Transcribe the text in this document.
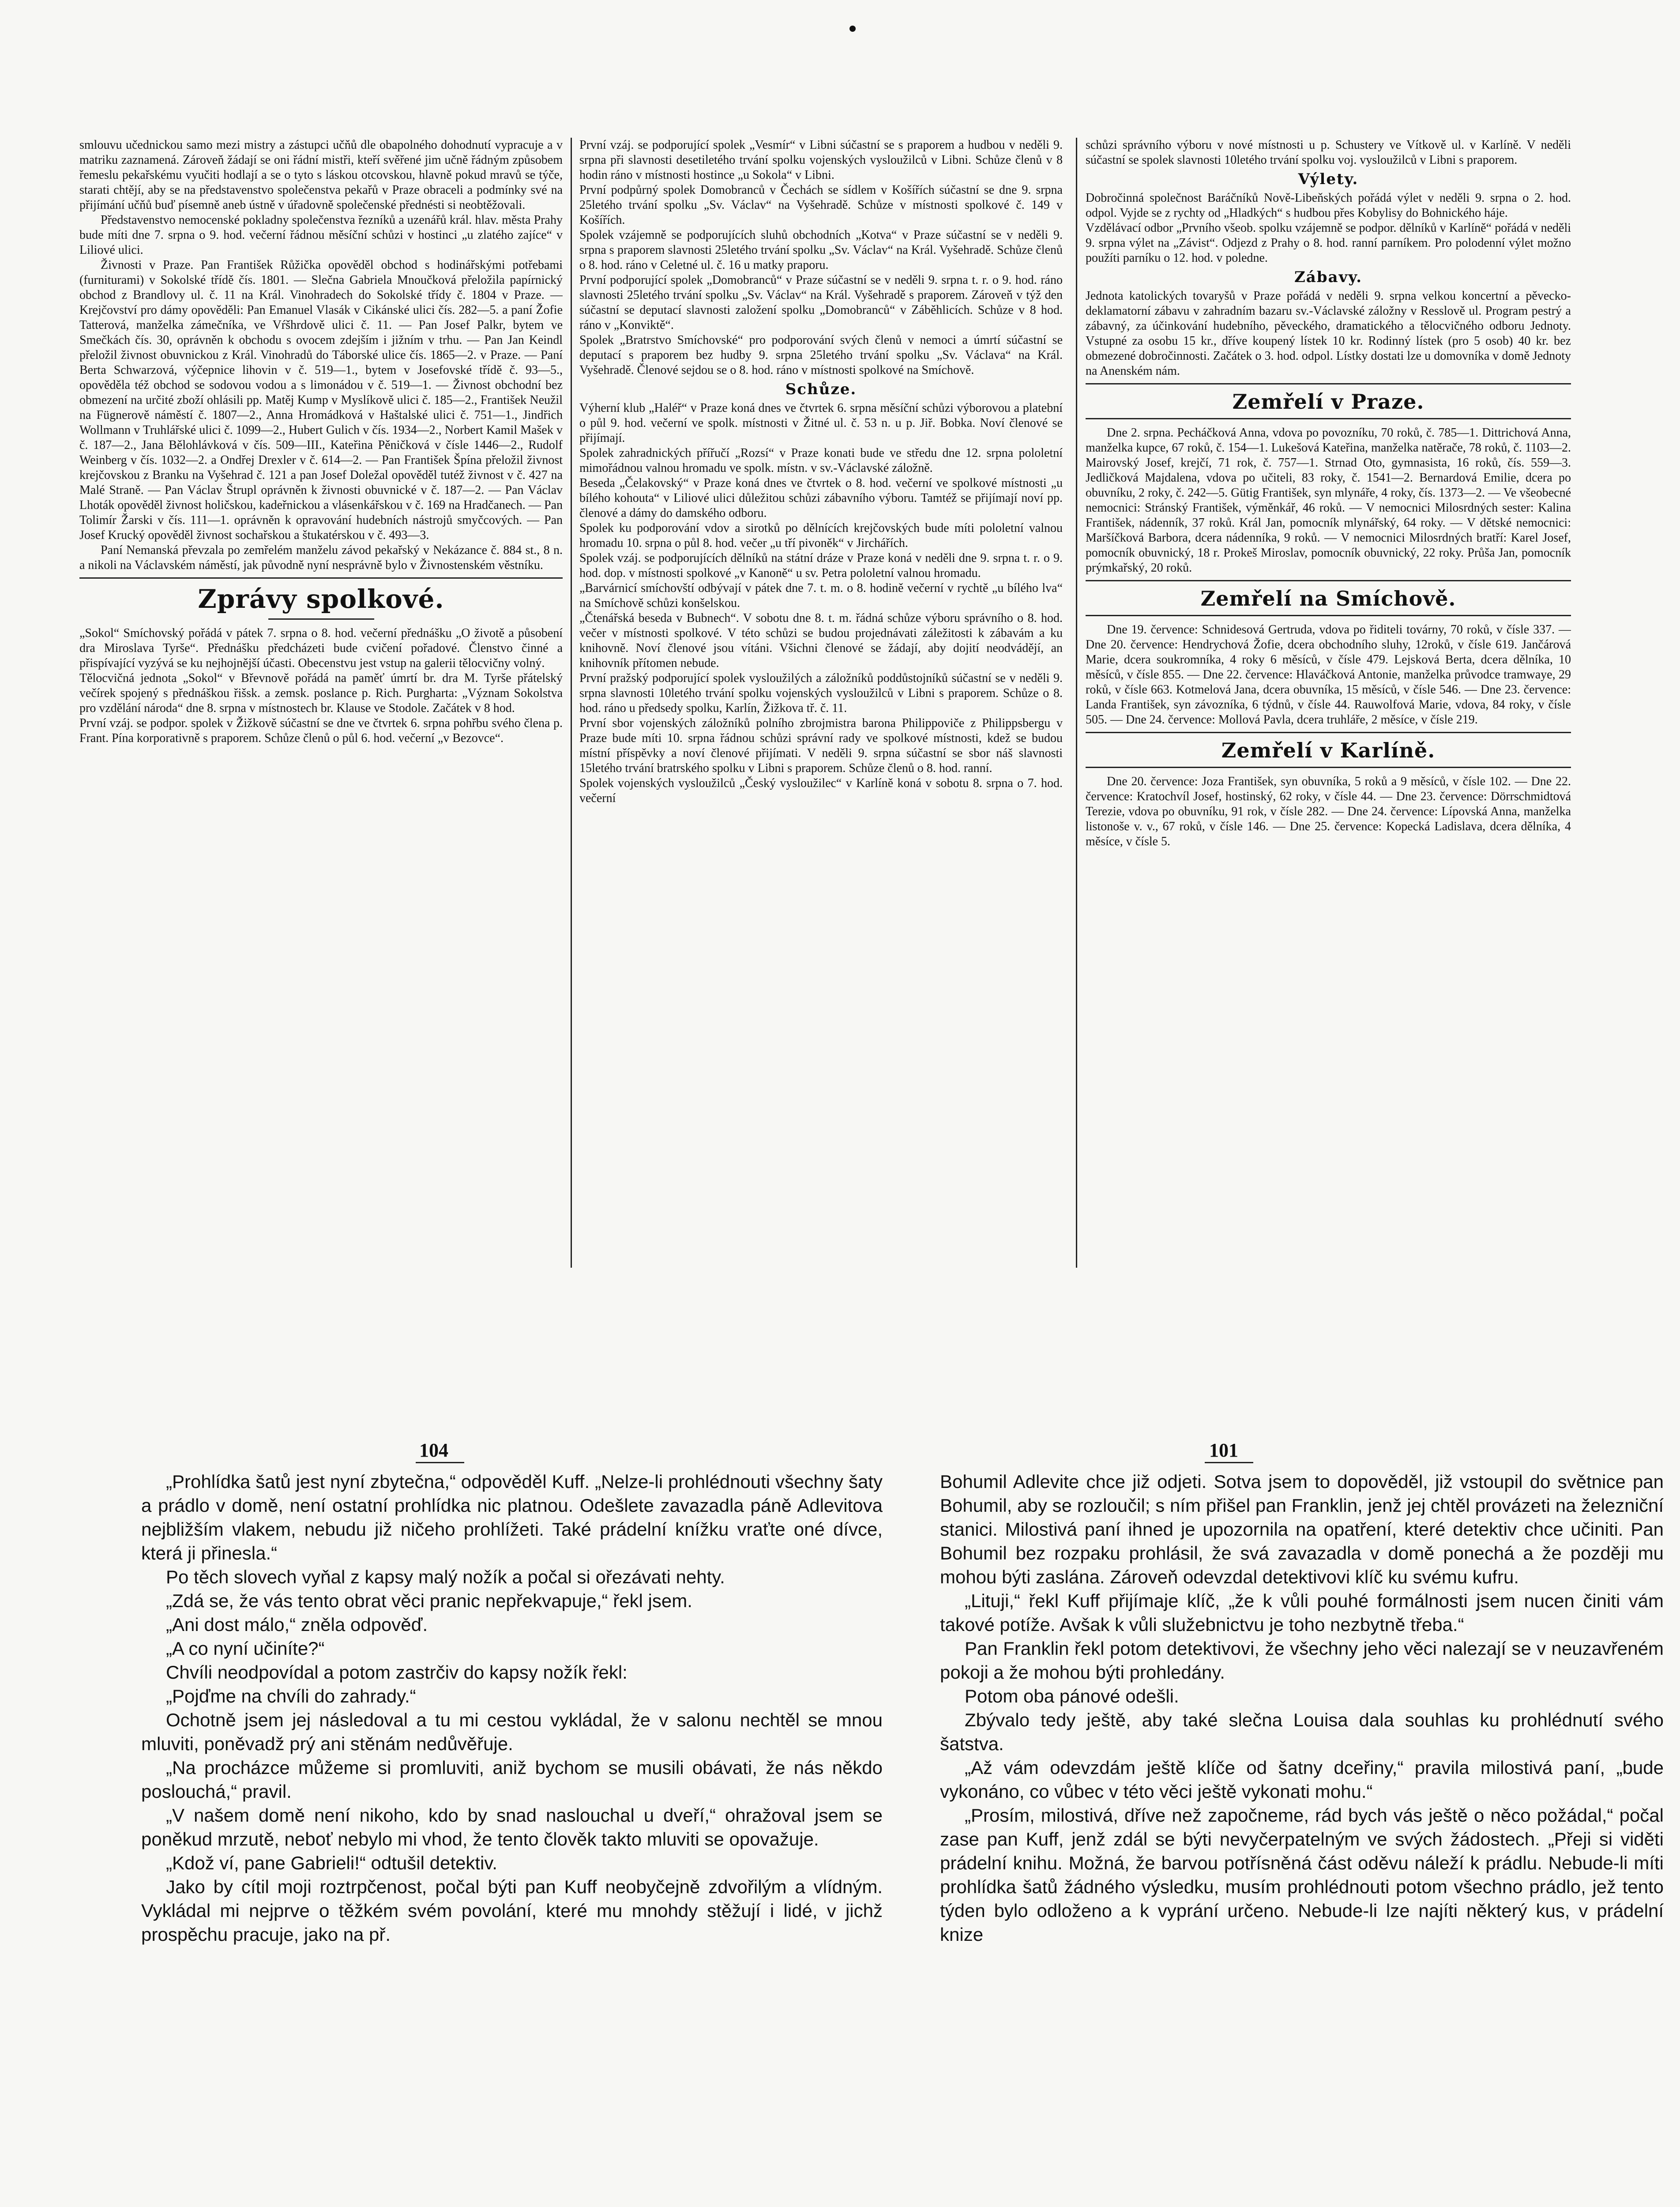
smlouvu učednickou samo mezi mistry a zástupci učňů dle obapolného dohodnutí vypracuje a v matriku zaznamená. Zároveň žádají se oni řádní mistři, kteří svěřené jim učně řádným způsobem řemeslu pekařskému vyučiti hodlají a se o tyto s láskou otcovskou, hlavně pokud mravů se týče, starati chtějí, aby se na představenstvo společenstva pekařů v Praze obraceli a podmínky své na přijímání učňů buď písemně aneb ústně v úřadovně společenské přednésti si neobtěžovali.

Představenstvo nemocenské pokladny společenstva řezníků a uzenářů král. hlav. města Prahy bude míti dne 7. srpna o 9. hod. večerní řádnou měsíční schůzi v hostinci „u zlatého zajíce“ v Liliové ulici.

Živnosti v Praze. Pan František Růžička opověděl obchod s hodinářskými potřebami (furniturami) v Sokolské třídě čís. 1801. — Slečna Gabriela Mnoučková přeložila papírnický obchod z Brandlovy ul. č. 11 na Král. Vinohradech do Sokolské třídy č. 1804 v Praze. — Krejčovství pro dámy opověděli: Pan Emanuel Vlasák v Cikánské ulici čís. 282—5. a paní Žofie Tatterová, manželka zámečníka, ve Vŕšhrdově ulici č. 11. — Pan Josef Palkr, bytem ve Smečkách čís. 30, oprávněn k obchodu s ovocem zdejším i jižním v trhu. — Pan Jan Keindl přeložil živnost obuvnickou z Král. Vinohradů do Táborské ulice čís. 1865—2. v Praze. — Paní Berta Schwarzová, výčepnice lihovin v č. 519—1., bytem v Josefovské třídě č. 93—5., opověděla též obchod se sodovou vodou a s limonádou v č. 519—1. — Živnost obchodní bez obmezení na určité zboží ohlásili pp. Matěj Kump v Myslíkově ulici č. 185—2., František Neužil na Fügnerově náměstí č. 1807—2., Anna Hromádková v Haštalské ulici č. 751—1., Jindřich Wollmann v Truhlářské ulici č. 1099—2., Hubert Gulich v čís. 1934—2., Norbert Kamil Mašek v č. 187—2., Jana Bělohlávková v čís. 509—III., Kateřina Pěničková v čísle 1446—2., Rudolf Weinberg v čís. 1032—2. a Ondřej Drexler v č. 614—2. — Pan František Špína přeložil živnost krejčovskou z Branku na Vyšehrad č. 121 a pan Josef Doležal opověděl tutéž živnost v č. 427 na Malé Straně. — Pan Václav Štrupl oprávněn k živnosti obuvnické v č. 187—2. — Pan Václav Lhoták opověděl živnost holičskou, kadeřnickou a vlásenkářskou v č. 169 na Hradčanech. — Pan Tolimír Žarski v čís. 111—1. oprávněn k opravování hudebních nástrojů smyčcových. — Pan Josef Krucký opověděl živnost sochařskou a štukatérskou v č. 493—3.

Paní Nemanská převzala po zemřelém manželu závod pekařský v Nekázance č. 884 st., 8 n. a nikoli na Václavském náměstí, jak původně nyní nesprávně bylo v Živnostenském věstníku.

Zprávy spolkové.

„Sokol“ Smíchovský pořádá v pátek 7. srpna o 8. hod. večerní přednášku „O životě a působení dra Miroslava Tyrše“. Přednášku předcházeti bude cvičení pořadové. Členstvo činné a přispívající vyzývá se ku nejhojnější účasti. Obecenstvu jest vstup na galerii tělocvičny volný.

Tělocvičná jednota „Sokol“ v Břevnově pořádá na paměť úmrtí br. dra M. Tyrše přátelský večírek spojený s přednáškou řišsk. a zemsk. poslance p. Rich. Purgharta: „Význam Sokolstva pro vzdělání národa“ dne 8. srpna v místnostech br. Klause ve Stodole. Začátek v 8 hod.

První vzáj. se podpor. spolek v Žižkově súčastní se dne ve čtvrtek 6. srpna pohřbu svého člena p. Frant. Pína korporativně s praporem. Schůze členů o půl 6. hod. večerní „v Bezovce“.

První vzáj. se podporující spolek „Vesmír“ v Libni súčastní se s praporem a hudbou v neděli 9. srpna při slavnosti desetiletého trvání spolku vojenských vysloužilců v Libni. Schůze členů v 8 hodin ráno v místnosti hostince „u Sokola“ v Libni.

První podpůrný spolek Domobranců v Čechách se sídlem v Košířích súčastní se dne 9. srpna 25letého trvání spolku „Sv. Václav“ na Vyšehradě. Schůze v místnosti spolkové č. 149 v Košířích.

Spolek vzájemně se podporujících sluhů obchodních „Kotva“ v Praze súčastní se v neděli 9. srpna s praporem slavnosti 25letého trvání spolku „Sv. Václav“ na Král. Vyšehradě. Schůze členů o 8. hod. ráno v Celetné ul. č. 16 u matky praporu.

První podporující spolek „Domobranců“ v Praze súčastní se v neděli 9. srpna t. r. o 9. hod. ráno slavnosti 25letého trvání spolku „Sv. Václav“ na Král. Vyšehradě s praporem. Zároveň v týž den súčastní se deputací slavnosti založení spolku „Domobranců“ v Záběhlicích. Schůze v 8 hod. ráno v „Konviktě“.

Spolek „Bratrstvo Smíchovské“ pro podporování svých členů v nemoci a úmrtí súčastní se deputací s praporem bez hudby 9. srpna 25letého trvání spolku „Sv. Václava“ na Král. Vyšehradě. Členové sejdou se o 8. hod. ráno v místnosti spolkové na Smíchově.

Schůze.

Výherní klub „Haléř“ v Praze koná dnes ve čtvrtek 6. srpna měsíční schůzi výborovou a platební o půl 9. hod. večerní ve spolk. místnosti v Žitné ul. č. 53 n. u p. Jiř. Bobka. Noví členové se přijímají.

Spolek zahradnických přířučí „Rozsí“ v Praze konati bude ve středu dne 12. srpna pololetní mimořádnou valnou hromadu ve spolk. místn. v sv.-Václavské záložně.

Beseda „Čelakovský“ v Praze koná dnes ve čtvrtek o 8. hod. večerní ve spolkové místnosti „u bílého kohouta“ v Liliové ulici důležitou schůzi zábavního výboru. Tamtéž se přijímají noví pp. členové a dámy do damského odboru.

Spolek ku podporování vdov a sirotků po dělnících krejčovských bude míti pololetní valnou hromadu 10. srpna o půl 8. hod. večer „u tří pivoněk“ v Jirchářích.

Spolek vzáj. se podporujících dělníků na státní dráze v Praze koná v neděli dne 9. srpna t. r. o 9. hod. dop. v místnosti spolkové „v Kanoně“ u sv. Petra pololetní valnou hromadu.

„Barvárnicí smíchovští odbývají v pátek dne 7. t. m. o 8. hodině večerní v rychtě „u bílého lva“ na Smíchově schůzi konšelskou.

„Čtenářská beseda v Bubnech“. V sobotu dne 8. t. m. řádná schůze výboru správního o 8. hod. večer v místnosti spolkové. V této schůzi se budou projednávati záležitosti k zábavám a ku knihovně. Noví členové jsou vítáni. Všichni členové se žádají, aby dojití neodvádějí, an knihovník přítomen nebude.

První pražský podporující spolek vysloužilých a záložníků poddůstojníků súčastní se v neděli 9. srpna slavnosti 10letého trvání spolku vojenských vysloužilců v Libni s praporem. Schůze o 8. hod. ráno u předsedy spolku, Karlín, Žižkova tř. č. 11.

První sbor vojenských záložníků polního zbrojmistra barona Philippoviče z Philippsbergu v Praze bude míti 10. srpna řádnou schůzi správní rady ve spolkové místnosti, kdež se budou místní příspěvky a noví členové přijímati. V neděli 9. srpna súčastní se sbor náš slavnosti 15letého trvání bratrského spolku v Libni s praporem. Schůze členů o 8. hod. ranní.

Spolek vojenských vysloužilců „Český vysloužilec“ v Karlíně koná v sobotu 8. srpna o 7. hod. večerní

schůzi správního výboru v nové místnosti u p. Schustery ve Vítkově ul. v Karlíně. V neděli súčastní se spolek slavnosti 10letého trvání spolku voj. vysloužilců v Libni s praporem.

Výlety.

Dobročinná společnost Baráčníků Nově-Libeňských pořádá výlet v neděli 9. srpna o 2. hod. odpol. Vyjde se z rychty od „Hladkých“ s hudbou přes Kobylisy do Bohnického háje.

Vzdělávací odbor „Prvního všeob. spolku vzájemně se podpor. dělníků v Karlíně“ pořádá v neděli 9. srpna výlet na „Závist“. Odjezd z Prahy o 8. hod. ranní parníkem. Pro polodenní výlet možno použíti parníku o 12. hod. v poledne.

Zábavy.

Jednota katolických tovaryšů v Praze pořádá v neděli 9. srpna velkou koncertní a pěvecko-deklamatorní zábavu v zahradním bazaru sv.-Václavské záložny v Resslově ul. Program pestrý a zábavný, za účinkování hudebního, pěveckého, dramatického a tělocvičného odboru Jednoty. Vstupné za osobu 15 kr., dříve koupený lístek 10 kr. Rodinný lístek (pro 5 osob) 40 kr. bez obmezené dobročinnosti. Začátek o 3. hod. odpol. Lístky dostati lze u domovníka v domě Jednoty na Anenském nám.

Zemřelí v Praze.

Dne 2. srpna. Pecháčková Anna, vdova po povozníku, 70 roků, č. 785—1. Dittrichová Anna, manželka kupce, 67 roků, č. 154—1. Lukešová Kateřina, manželka natěrače, 78 roků, č. 1103—2. Mairovský Josef, krejčí, 71 rok, č. 757—1. Strnad Oto, gymnasista, 16 roků, čís. 559—3. Jedličková Majdalena, vdova po učiteli, 83 roky, č. 1541—2. Bernardová Emilie, dcera po obuvníku, 2 roky, č. 242—5. Gütig František, syn mlynáře, 4 roky, čís. 1373—2. — Ve všeobecné nemocnici: Stránský František, výměnkář, 46 roků. — V nemocnici Milosrdných sester: Kalina František, nádenník, 37 roků. Král Jan, pomocník mlynářský, 64 roky. — V dětské nemocnici: Maršíčková Barbora, dcera nádenníka, 9 roků. — V nemocnici Milosrdných bratří: Karel Josef, pomocník obuvnický, 18 r. Prokeš Miroslav, pomocník obuvnický, 22 roky. Průša Jan, pomocník prýmkařský, 20 roků.

Zemřelí na Smíchově.

Dne 19. července: Schnidesová Gertruda, vdova po řiditeli továrny, 70 roků, v čísle 337. — Dne 20. července: Hendrychová Žofie, dcera obchodního sluhy, 12roků, v čísle 619. Jančárová Marie, dcera soukromníka, 4 roky 6 měsíců, v čísle 479. Lejsková Berta, dcera dělníka, 10 měsíců, v čísle 855. — Dne 22. července: Hlaváčková Antonie, manželka průvodce tramwaye, 29 roků, v čísle 663. Kotmelová Jana, dcera obuvníka, 15 měsíců, v čísle 546. — Dne 23. července: Landa František, syn závozníka, 6 týdnů, v čísle 44. Rauwolfová Marie, vdova, 84 roky, v čísle 505. — Dne 24. července: Mollová Pavla, dcera truhláře, 2 měsíce, v čísle 219.

Zemřelí v Karlíně.

Dne 20. července: Joza František, syn obuvníka, 5 roků a 9 měsíců, v čísle 102. — Dne 22. července: Kratochvíl Josef, hostinský, 62 roky, v čísle 44. — Dne 23. července: Dörrschmidtová Terezie, vdova po obuvníku, 91 rok, v čísle 282. — Dne 24. července: Lípovská Anna, manželka listonoše v. v., 67 roků, v čísle 146. — Dne 25. července: Kopecká Ladislava, dcera dělníka, 4 měsíce, v čísle 5.

104	101

„Prohlídka šatů jest nyní zbytečna,“ odpověděl Kuff. „Nelze-li prohlédnouti všechny šaty a prádlo v domě, není ostatní prohlídka nic platnou. Odešlete zavazadla páně Adlevitova nejbližším vlakem, nebudu již ničeho prohlížeti. Také prádelní knížku vraťte oné dívce, která ji přinesla.“

Po těch slovech vyňal z kapsy malý nožík a počal si ořezávati nehty.

„Zdá se, že vás tento obrat věci pranic nepřekvapuje,“ řekl jsem.

„Ani dost málo,“ zněla odpověď.

„A co nyní učiníte?“

Chvíli neodpovídal a potom zastrčiv do kapsy nožík řekl:

„Pojďme na chvíli do zahrady.“

Ochotně jsem jej následoval a tu mi cestou vykládal, že v salonu nechtěl se mnou mluviti, poněvadž prý ani stěnám nedůvěřuje.

„Na procházce můžeme si promluviti, aniž bychom se musili obávati, že nás někdo poslouchá,“ pravil.

„V našem domě není nikoho, kdo by snad naslouchal u dveří,“ ohražoval jsem se poněkud mrzutě, neboť nebylo mi vhod, že tento člověk takto mluviti se opovažuje.

„Kdož ví, pane Gabrieli!“ odtušil detektiv.

Jako by cítil moji roztrpčenost, počal býti pan Kuff neobyčejně zdvořilým a vlídným. Vykládal mi nejprve o těžkém svém povolání, které mu mnohdy stěžují i lidé, v jichž prospěchu pracuje, jako na př.

Bohumil Adlevite chce již odjeti. Sotva jsem to dopověděl, již vstoupil do světnice pan Bohumil, aby se rozloučil; s ním přišel pan Franklin, jenž jej chtěl provázeti na železniční stanici. Milostivá paní ihned je upozornila na opatření, které detektiv chce učiniti. Pan Bohumil bez rozpaku prohlásil, že svá zavazadla v domě ponechá a že později mu mohou býti zaslána. Zároveň odevzdal detektivovi klíč ku svému kufru.

„Lituji,“ řekl Kuff přijímaje klíč, „že k vůli pouhé formálnosti jsem nucen činiti vám takové potíže. Avšak k vůli služebnictvu je toho nezbytně třeba.“

Pan Franklin řekl potom detektivovi, že všechny jeho věci nalezají se v neuzavřeném pokoji a že mohou býti prohledány.

Potom oba pánové odešli.

Zbývalo tedy ještě, aby také slečna Louisa dala souhlas ku prohlédnutí svého šatstva.

„Až vám odevzdám ještě klíče od šatny dceřiny,“ pravila milostivá paní, „bude vykonáno, co vůbec v této věci ještě vykonati mohu.“

„Prosím, milostivá, dříve než započneme, rád bych vás ještě o něco požádal,“ počal zase pan Kuff, jenž zdál se býti nevyčerpatelným ve svých žádostech. „Přeji si viděti prádelní knihu. Možná, že barvou potřísněná část oděvu náleží k prádlu. Nebude-li míti prohlídka šatů žádného výsledku, musím prohlédnouti potom všechno prádlo, jež tento týden bylo odloženo a k vyprání určeno. Nebude-li lze najíti některý kus, v prádelní knize
